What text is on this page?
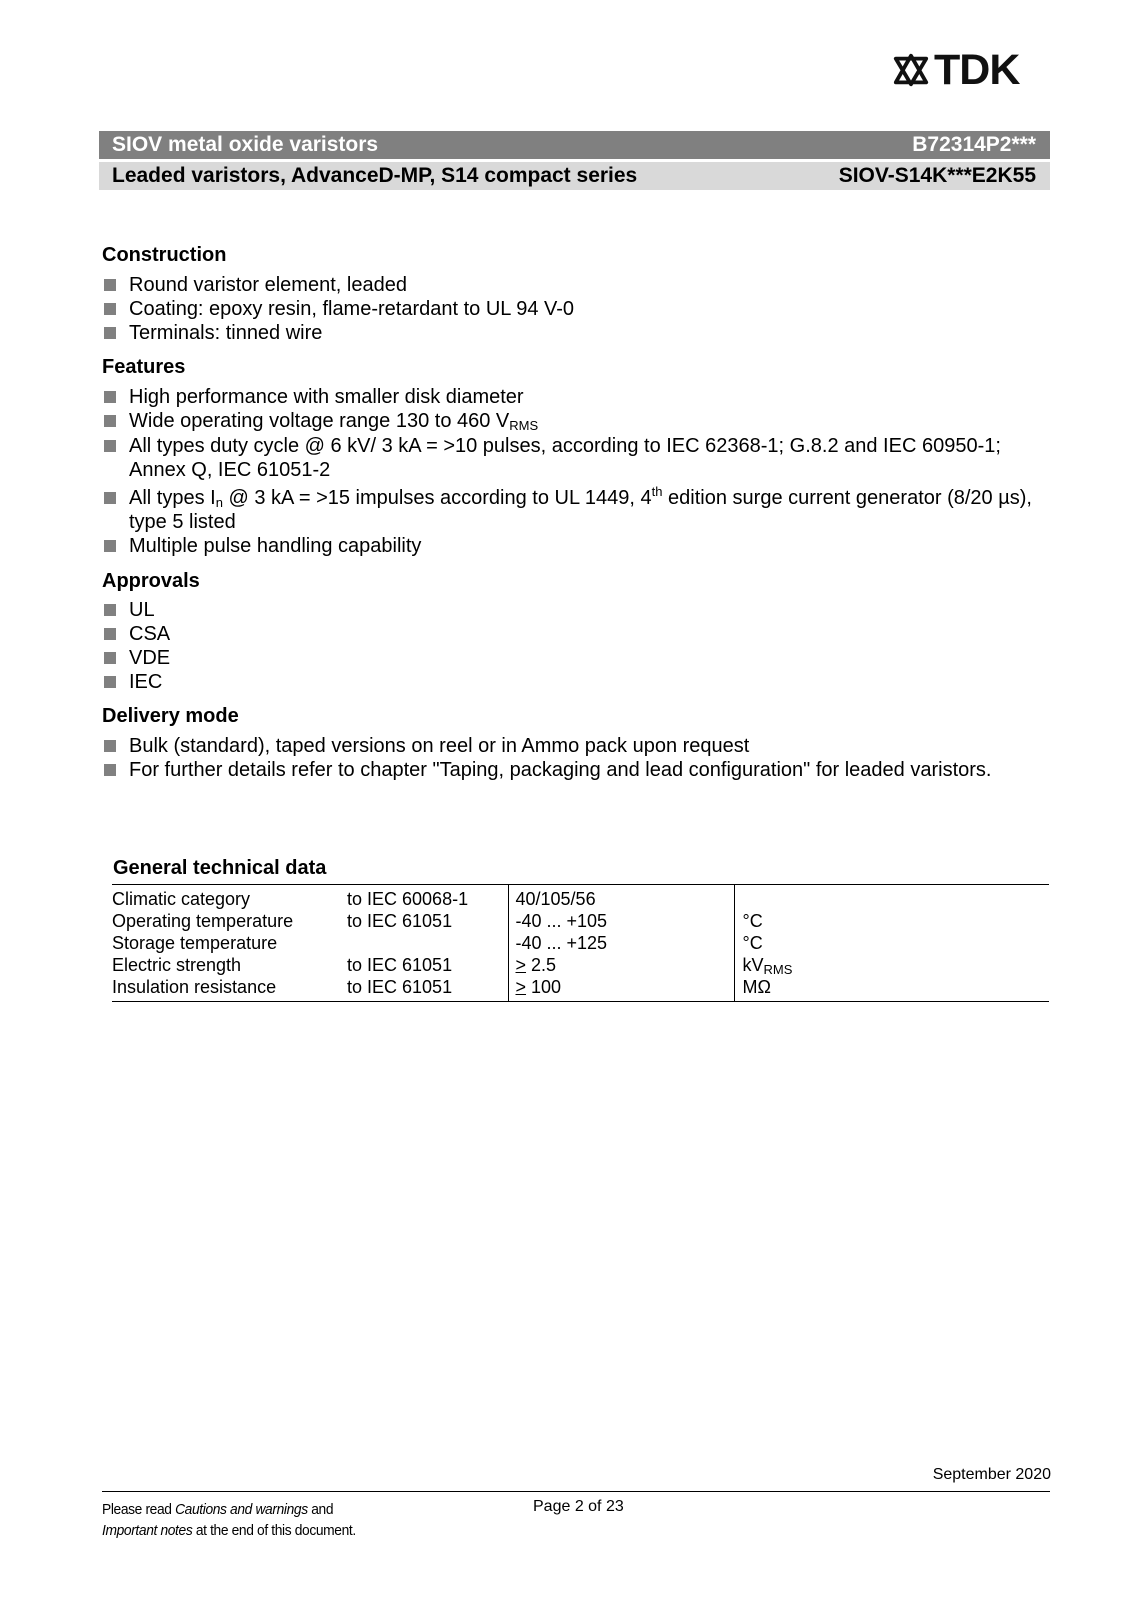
TDK
SIOV metal oxide varistors	B72314P2***
Leaded varistors, AdvanceD-MP, S14 compact series	SIOV-S14K***E2K55
Construction
Round varistor element, leaded
Coating: epoxy resin, flame-retardant to UL 94 V-0
Terminals: tinned wire
Features
High performance with smaller disk diameter
Wide operating voltage range 130 to 460 $V_{RMS}$
All types duty cycle @ 6 kV/ 3 kA = >10 pulses, according to IEC 62368-1; G.8.2 and IEC 60950-1; Annex Q, IEC 61051-2
All types $I_n$ @ 3 kA = >15 impulses according to UL 1449, 4th edition surge current generator (8/20 µs), type 5 listed
Multiple pulse handling capability
Approvals
UL
CSA
VDE
IEC
Delivery mode
Bulk (standard), taped versions on reel or in Ammo pack upon request
For further details refer to chapter "Taping, packaging and lead configuration" for leaded varistors.
General technical data
Climatic category	to IEC 60068-1	40/105/56	
Operating temperature	to IEC 61051	-40 ... +105	°C
Storage temperature		-40 ... +125	°C
Electric strength	to IEC 61051	> 2.5	$kV_{RMS}$
Insulation resistance	to IEC 61051	> 100	MΩ
September 2020
Please read Cautions and warnings and
Important notes at the end of this document.
Page 2 of 23
